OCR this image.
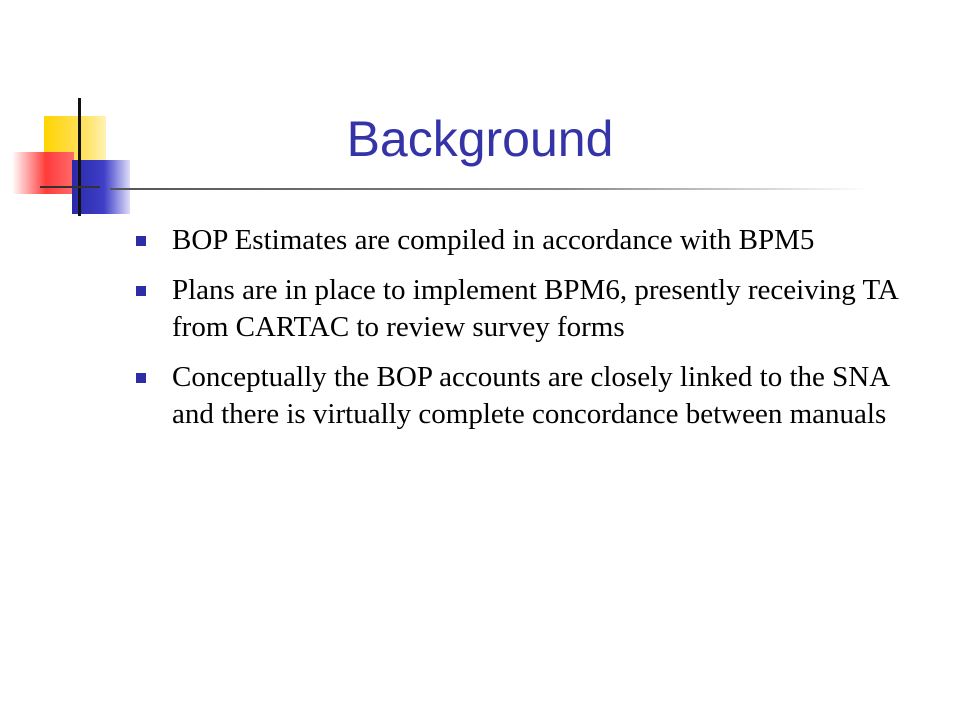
Background
BOP Estimates are compiled in accordance with BPM5
Plans are in place to implement BPM6, presently receiving TA from CARTAC to review survey forms
Conceptually the BOP accounts are closely linked to the SNA and there is virtually complete concordance between manuals
